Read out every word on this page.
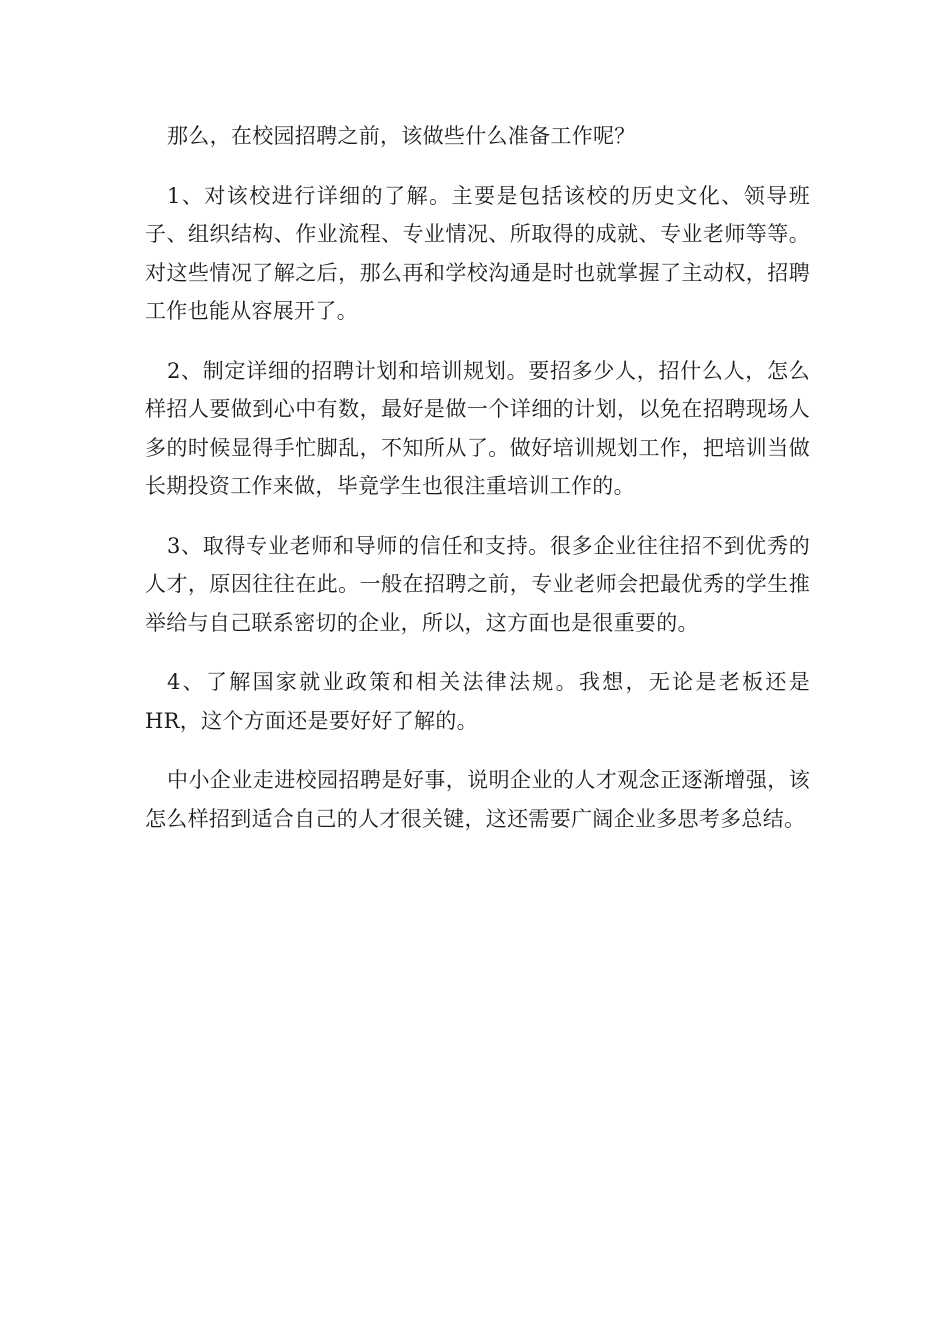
那么，在校园招聘之前，该做些什么准备工作呢？

1、对该校进行详细的了解。主要是包括该校的历史文化、领导班子、组织结构、作业流程、专业情况、所取得的成就、专业老师等等。对这些情况了解之后，那么再和学校沟通是时也就掌握了主动权，招聘工作也能从容展开了。

2、制定详细的招聘计划和培训规划。要招多少人，招什么人，怎么样招人要做到心中有数，最好是做一个详细的计划，以免在招聘现场人多的时候显得手忙脚乱，不知所从了。做好培训规划工作，把培训当做长期投资工作来做，毕竟学生也很注重培训工作的。

3、取得专业老师和导师的信任和支持。很多企业往往招不到优秀的人才，原因往往在此。一般在招聘之前，专业老师会把最优秀的学生推举给与自己联系密切的企业，所以，这方面也是很重要的。

4、了解国家就业政策和相关法律法规。我想，无论是老板还是HR，这个方面还是要好好了解的。

中小企业走进校园招聘是好事，说明企业的人才观念正逐渐增强，该怎么样招到适合自己的人才很关键，这还需要广阔企业多思考多总结。
